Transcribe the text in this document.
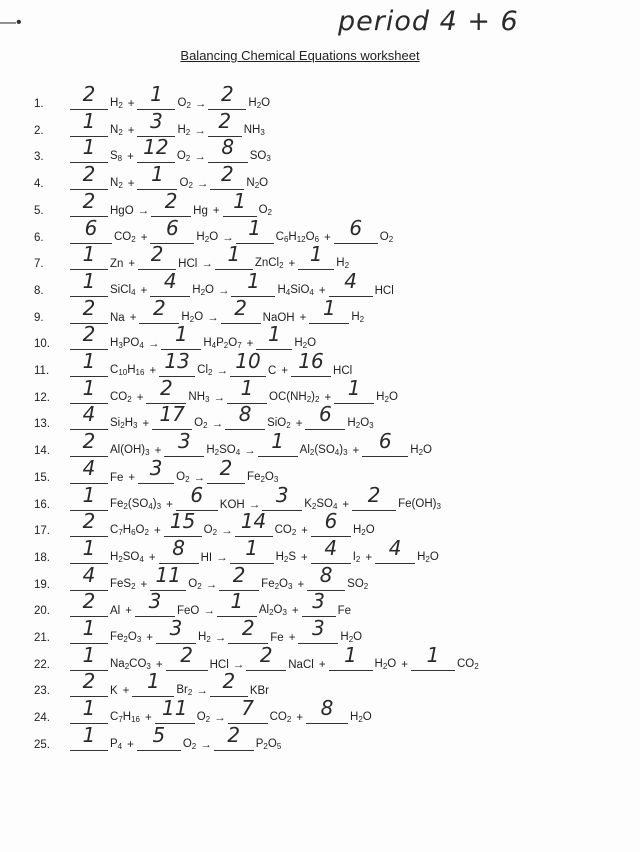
—•	period 4 + 6
Balancing Chemical Equations worksheet
1.	2	$H_2 + 1$	$O_2 \to 2$	$H_2O$
2.	1	$N_2 + 3$	$H_2 \to 2$	$NH_3$
3.	1	$S_8 + 12$ $O_2 \to 8$	$SO_3$
4.	2	$N_2 + 1$	$O_2 \to 2$	$N_2O$
5.	2	HgO → 2	Hg + 1	$O_2$
6.	6	$CO_2 + 6$	$H_2O \to 1$	$C_6H_{12}O_6 + 6$	$O_2$
7.	1	Zn + 2	HCl → 1	ZnCl$_2$ + 1	$H_2$
8.	1	SiCl$_4$ + 4	$H_2O \to 1$	$H_4SiO_4 + 4$	HCl
9.	2	Na + 2	$H_2O \to 2$	NaOH + 1	$H_2$
10.	2	$H_3PO_4 \to 1$	$H_4P_2O_7 + 1$	$H_2O$
11.	1	$C_{10}H_{16} + 13$ $Cl_2 \to 10$ C + 16 HCl
12.	1	$CO_2 + 2$	$NH_3 \to 1$	$OC(NH_2)_2 + 1$	$H_2O$
13.	4	$Si_2H_3 + 17$ $O_2 \to 8$	SiO$_2$ + 6	$H_2O_3$
14.	2	$Al(OH)_3 + 3$	$H_2SO_4 \to 1$	$Al_2(SO_4)_3 + 6$	$H_2O$
15.	4	Fe + 3	$O_2 \to 2$	$Fe_2O_3$
16.	1	$Fe_2(SO_4)_3 + 6$	KOH → 3	$K_2SO_4 + 2$	$Fe(OH)_3$
17.	2	$C_7H_6O_2 + 15$ $O_2 \to 14$ $CO_2 + 6$	$H_2O$
18.	1	$H_2SO_4 + 8$	HI → 1	$H_2S + 4$	$I_2 + 4$	$H_2O$
19.	4	FeS$_2$ + 11 $O_2 \to 2$	$Fe_2O_3 + 8$	$SO_2$
20.	2	Al + 3	FeO → 1	$Al_2O_3 + 3$	Fe
21.	1	$Fe_2O_3 + 3$	$H_2 \to 2$	Fe + 3	$H_2O$
22.	1	$Na_2CO_3 + 2$	HCl → 2	NaCl + 1	$H_2O + 1$	$CO_2$
23.	2	K + 1	$Br_2 \to 2$	KBr
24.	1	$C_7H_{16} + 11$ $O_2 \to 7$	$CO_2 + 8$	$H_2O$
25.	1	$P_4 + 5$	$O_2 \to 2$	$P_2O_5$
